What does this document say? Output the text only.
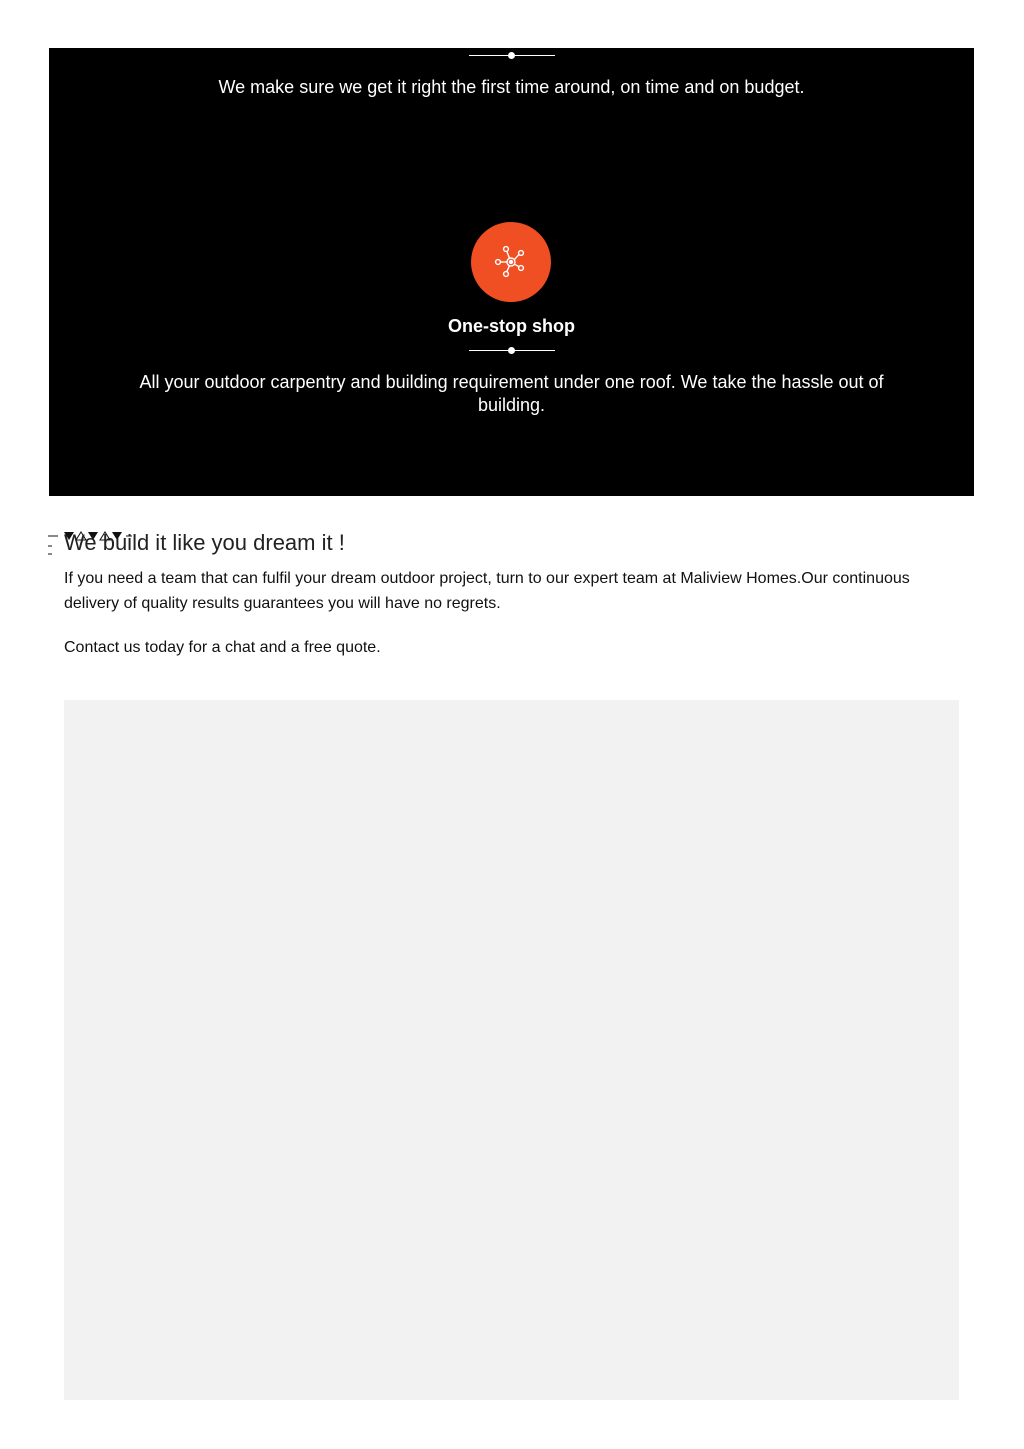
We make sure we get it right the first time around, on time and on budget.

One-stop shop

All your outdoor carpentry and building requirement under one roof. We take the hassle out of building.

We build it like you dream it !

If you need a team that can fulfil your dream outdoor project, turn to our expert team at Maliview Homes.Our continuous delivery of quality results guarantees you will have no regrets.

Contact us today for a chat and a free quote.
